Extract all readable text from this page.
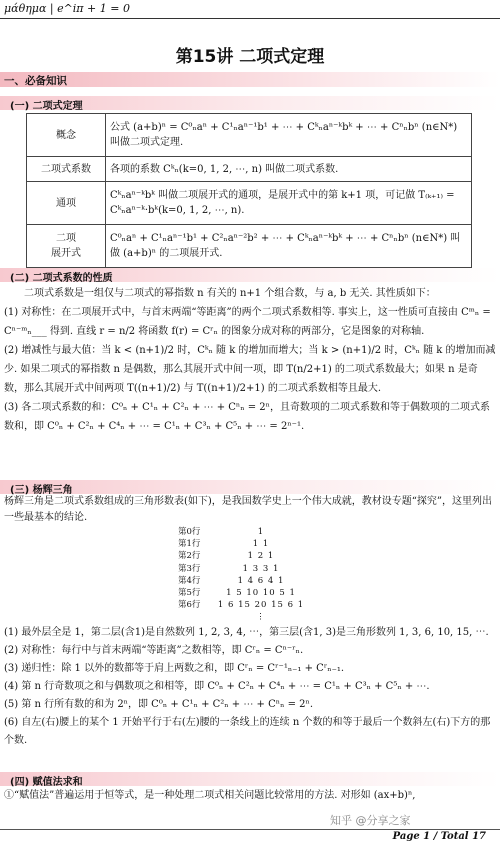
μάθημα | e^iπ + 1 = 0
第15讲 二项式定理
一、必备知识
(一) 二项式定理
概念	公式 (a+b)ⁿ = C⁰ₙaⁿ + C¹ₙaⁿ⁻¹b¹ + ⋯ + Cᵏₙaⁿ⁻ᵏbᵏ + ⋯ + Cⁿₙbⁿ (n∈N*) 叫做二项式定理.
二项式系数	各项的系数 Cᵏₙ(k=0, 1, 2, ⋯, n) 叫做二项式系数.
通项	Cᵏₙaⁿ⁻ᵏbᵏ 叫做二项展开式的通项，是展开式中的第 k+1 项，可记做 T₍ₖ₊₁₎ = Cᵏₙaⁿ⁻ᵏ·bᵏ(k=0, 1, 2, ⋯, n).
二项
展开式	C⁰ₙaⁿ + C¹ₙaⁿ⁻¹b¹ + C²ₙaⁿ⁻²b² + ⋯ + Cᵏₙaⁿ⁻ᵏbᵏ + ⋯ + Cⁿₙbⁿ (n∈N*) 叫做 (a+b)ⁿ 的二项展开式.
(二) 二项式系数的性质
二项式系数是一组仅与二项式的幂指数 n 有关的 n+1 个组合数，与 a, b 无关. 其性质如下：
(1) 对称性：在二项展开式中，与首末两端“等距离”的两个二项式系数相等. 事实上，这一性质可直接由 Cᵐₙ = Cⁿ⁻ᵐₙ___ 得到. 直线 r = n/2 将函数 f(r) = Cʳₙ 的图象分成对称的两部分，它是图象的对称轴.
(2) 增减性与最大值：当 k < (n+1)/2 时，Cᵏₙ 随 k 的增加而增大；当 k > (n+1)/2 时，Cᵏₙ 随 k 的增加而减少. 如果二项式的幂指数 n 是偶数，那么其展开式中间一项，即 T(n/2+1) 的二项式系数最大；如果 n 是奇数，那么其展开式中间两项 T((n+1)/2) 与 T((n+1)/2+1) 的二项式系数相等且最大.
(3) 各二项式系数的和：C⁰ₙ + C¹ₙ + C²ₙ + ⋯ + Cⁿₙ = 2ⁿ，且奇数项的二项式系数和等于偶数项的二项式系数和，即 C⁰ₙ + C²ₙ + C⁴ₙ + ⋯ = C¹ₙ + C³ₙ + C⁵ₙ + ⋯ = 2ⁿ⁻¹.
(三) 杨辉三角
杨辉三角是二项式系数组成的三角形数表(如下)，是我国数学史上一个伟大成就，教材设专题“探究”，这里列出一些最基本的结论.
第0行	1
第1行	1 1
第2行	1 2 1
第3行	1 3 3 1
第4行	1 4 6 4 1
第5行	1 5 10 10 5 1
第6行	1 6 15 20 15 6 1
⋮
(1) 最外层全是 1，第二层(含1)是自然数列 1, 2, 3, 4, ⋯，第三层(含1, 3)是三角形数列 1, 3, 6, 10, 15, ⋯.
(2) 对称性：每行中与首末两端“等距离”之数相等，即 Cʳₙ = Cⁿ⁻ʳₙ.
(3) 递归性：除 1 以外的数都等于肩上两数之和，即 Cʳₙ = Cʳ⁻¹ₙ₋₁ + Cʳₙ₋₁.
(4) 第 n 行奇数项之和与偶数项之和相等，即 C⁰ₙ + C²ₙ + C⁴ₙ + ⋯ = C¹ₙ + C³ₙ + C⁵ₙ + ⋯.
(5) 第 n 行所有数的和为 2ⁿ，即 C⁰ₙ + C¹ₙ + C²ₙ + ⋯ + Cⁿₙ = 2ⁿ.
(6) 自左(右)腰上的某个 1 开始平行于右(左)腰的一条线上的连续 n 个数的和等于最后一个数斜左(右)下方的那个数.
(四) 赋值法求和
①“赋值法”普遍运用于恒等式，是一种处理二项式相关问题比较常用的方法. 对形如 (ax+b)ⁿ,
知乎 @分享之家
Page 1 / Total 17
